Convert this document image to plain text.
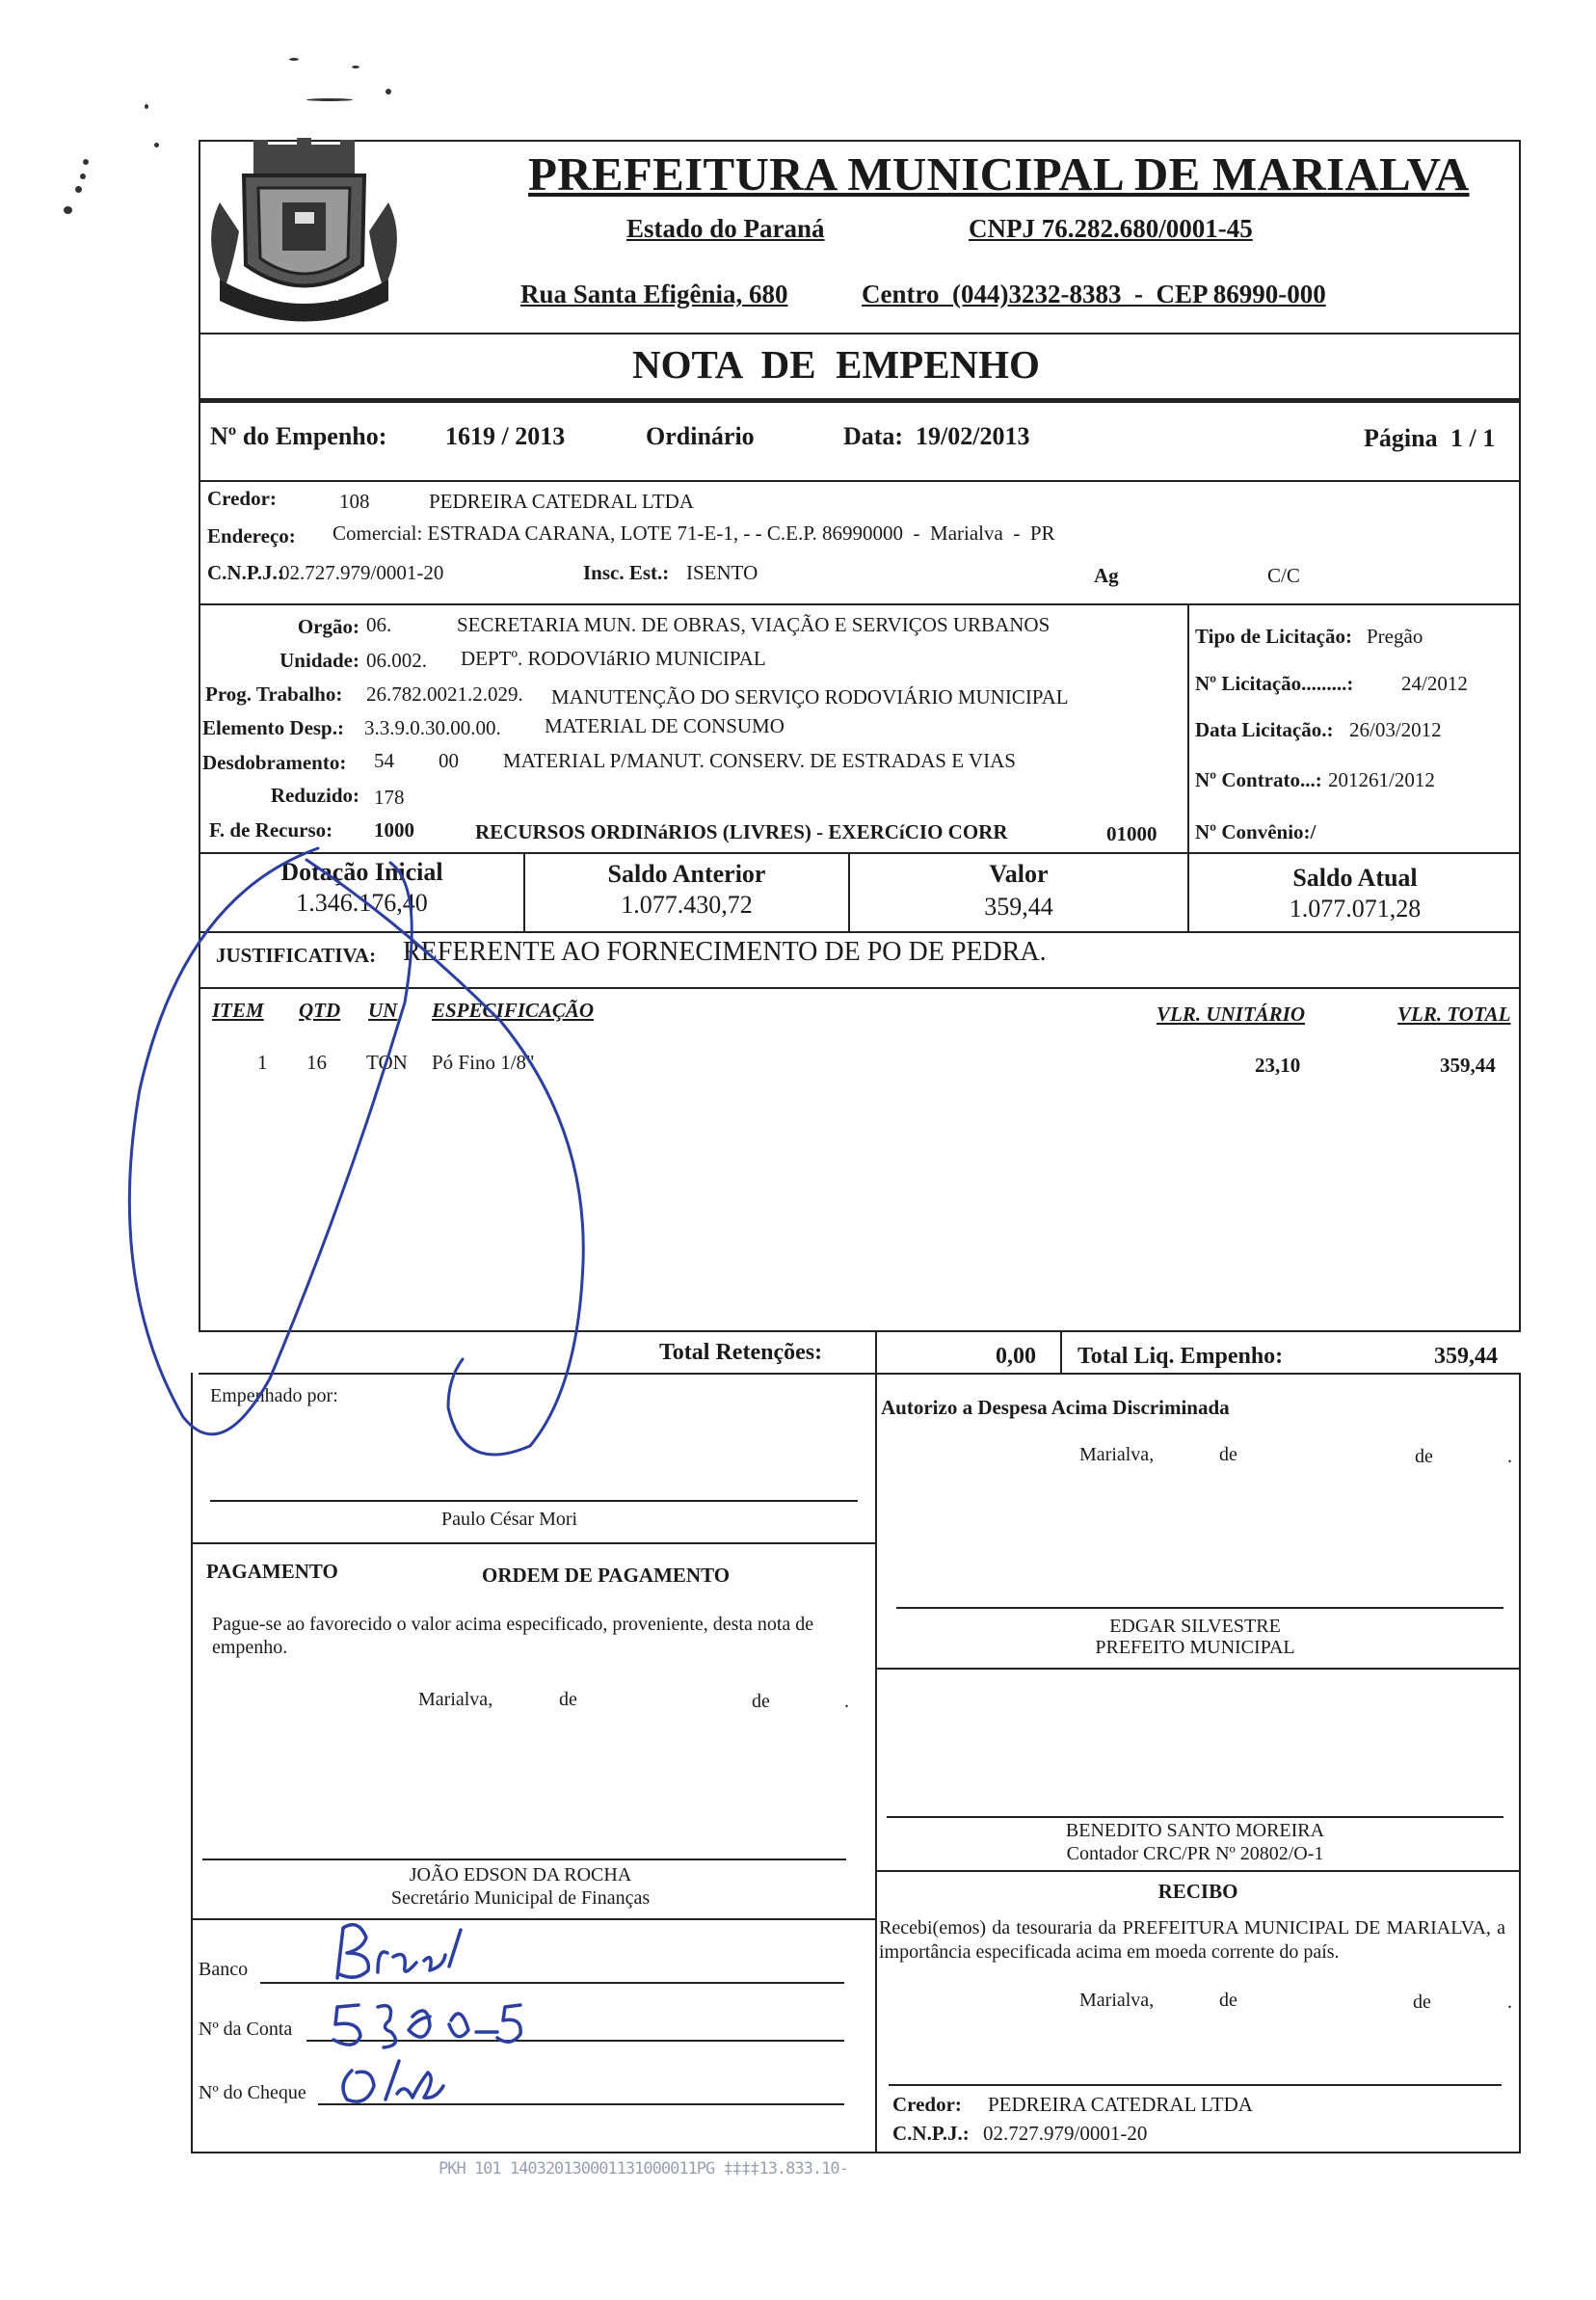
MARIALVA
PREFEITURA MUNICIPAL DE MARIALVA
Estado do Paraná	CNPJ 76.282.680/0001-45
Rua Santa Efigênia, 680	Centro  (044)3232-8383  -  CEP 86990-000
NOTA  DE  EMPENHO
Nº do Empenho: 1619 / 2013	Ordinário	Data: 19/02/2013	Página 1 / 1
Credor:	108	PEDREIRA CATEDRAL LTDA
Endereço: Comercial: ESTRADA CARANA, LOTE 71-E-1, - - C.E.P. 86990000  -  Marialva  -  PR
C.N.P.J.:
02.727.979/0001-20	Insc. Est.: ISENTO	Ag	C/C
Orgão: 06.	SECRETARIA MUN. DE OBRAS, VIAÇÃO E SERVIÇOS URBANOS
Unidade: 06.002. DEPTº. RODOVIáRIO MUNICIPAL
Prog. Trabalho: 26.782.0021.2.029. MANUTENÇÃO DO SERVIÇO RODOVIÁRIO MUNICIPAL
Elemento Desp.: 3.3.9.0.30.00.00. MATERIAL DE CONSUMO
Desdobramento: 54 00 MATERIAL P/MANUT. CONSERV. DE ESTRADAS E VIAS
Reduzido: 178
F. de Recurso: 1000	RECURSOS ORDINáRIOS (LIVRES) - EXERCíCIO CORR	01000
Tipo de Licitação: Pregão
Nº Licitação.........: 24/2012
Data Licitação.: 26/03/2012
Nº Contrato...: 201261/2012
Nº Convênio:/
Dotação Inicial
1.346.176,40
Saldo Anterior
1.077.430,72
Valor
359,44
Saldo Atual
1.077.071,28
JUSTIFICATIVA: REFERENTE AO FORNECIMENTO DE PO DE PEDRA.
ITEM QTD UN ESPECIFICAÇÃO	VLR. UNITÁRIO	VLR. TOTAL
1 16 TON Pó Fino 1/8"	23,10	359,44
Total Retenções:	0,00 Total Liq. Empenho:	359,44
Empenhado por:
Paulo César Mori
PAGAMENTO	ORDEM DE PAGAMENTO
Pague-se ao favorecido o valor acima especificado, proveniente, desta nota de empenho.
Marialva,	de	de	.
JOÃO EDSON DA ROCHA
Secretário Municipal de Finanças
Banco
Nº da Conta
Nº do Cheque
Autorizo a Despesa Acima Discriminada
Marialva,	de	de	.
EDGAR SILVESTRE
PREFEITO MUNICIPAL
BENEDITO SANTO MOREIRA
Contador CRC/PR Nº 20802/O-1
RECIBO
Recebi(emos) da tesouraria da PREFEITURA MUNICIPAL DE MARIALVA, a importância especificada acima em moeda corrente do país.
Marialva,	de	de	.
Credor: PEDREIRA CATEDRAL LTDA
C.N.P.J.: 02.727.979/0001-20
PKH 101 140320130001131000011PG ‡‡‡‡13.833.10-
